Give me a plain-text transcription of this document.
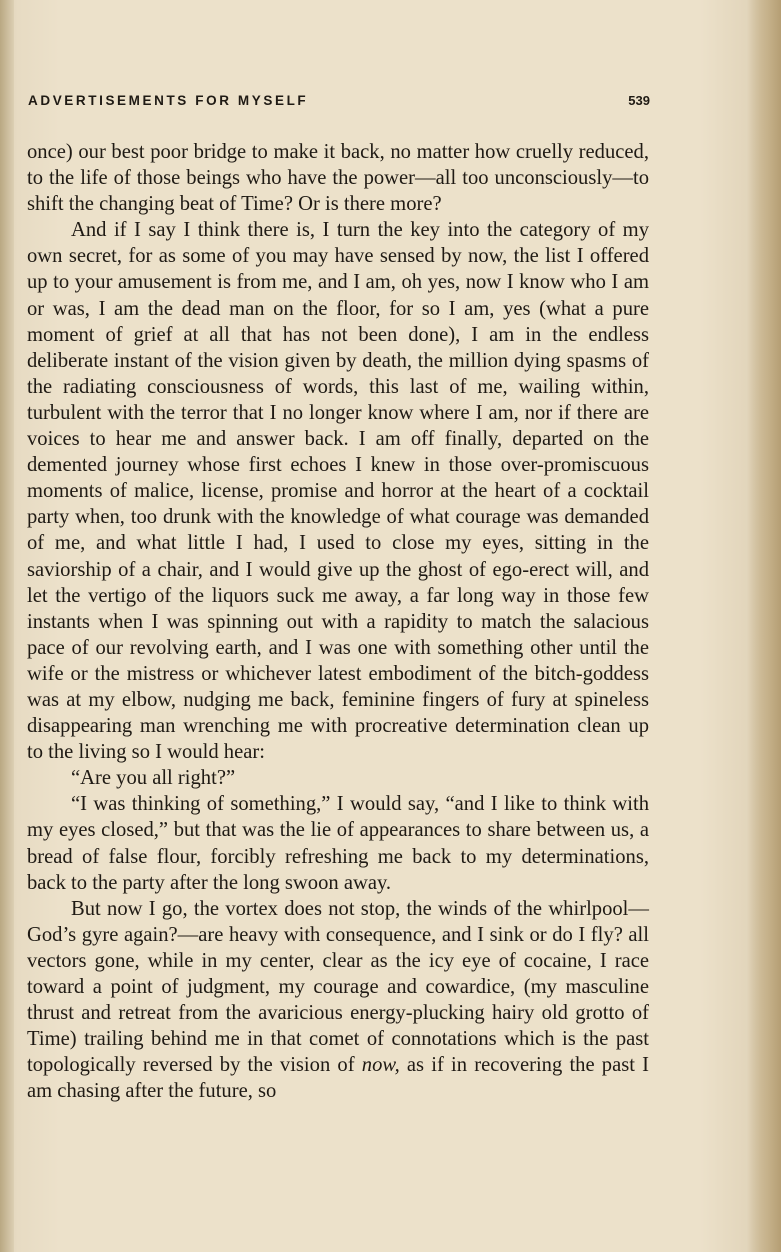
ADVERTISEMENTS FOR MYSELF	539

once) our best poor bridge to make it back, no matter how cruelly reduced, to the life of those beings who have the power—all too unconsciously—to shift the changing beat of Time? Or is there more?

And if I say I think there is, I turn the key into the category of my own secret, for as some of you may have sensed by now, the list I offered up to your amusement is from me, and I am, oh yes, now I know who I am or was, I am the dead man on the floor, for so I am, yes (what a pure moment of grief at all that has not been done), I am in the endless deliberate instant of the vision given by death, the million dying spasms of the radiating consciousness of words, this last of me, wailing within, turbulent with the terror that I no longer know where I am, nor if there are voices to hear me and answer back. I am off finally, departed on the demented journey whose first echoes I knew in those over-promiscuous moments of malice, license, promise and horror at the heart of a cocktail party when, too drunk with the knowledge of what courage was demanded of me, and what little I had, I used to close my eyes, sitting in the saviorship of a chair, and I would give up the ghost of ego-erect will, and let the vertigo of the liquors suck me away, a far long way in those few instants when I was spinning out with a rapidity to match the salacious pace of our revolving earth, and I was one with something other until the wife or the mistress or whichever latest embodiment of the bitch-goddess was at my elbow, nudging me back, feminine fingers of fury at spineless disappearing man wrenching me with procreative determination clean up to the living so I would hear:

“Are you all right?”

“I was thinking of something,” I would say, “and I like to think with my eyes closed,” but that was the lie of appearances to share between us, a bread of false flour, forcibly refreshing me back to my determinations, back to the party after the long swoon away.

But now I go, the vortex does not stop, the winds of the whirlpool—God’s gyre again?—are heavy with consequence, and I sink or do I fly? all vectors gone, while in my center, clear as the icy eye of cocaine, I race toward a point of judgment, my courage and cowardice, (my masculine thrust and retreat from the avaricious energy-plucking hairy old grotto of Time) trailing behind me in that comet of connotations which is the past topologically reversed by the vision of now, as if in recovering the past I am chasing after the future, so
